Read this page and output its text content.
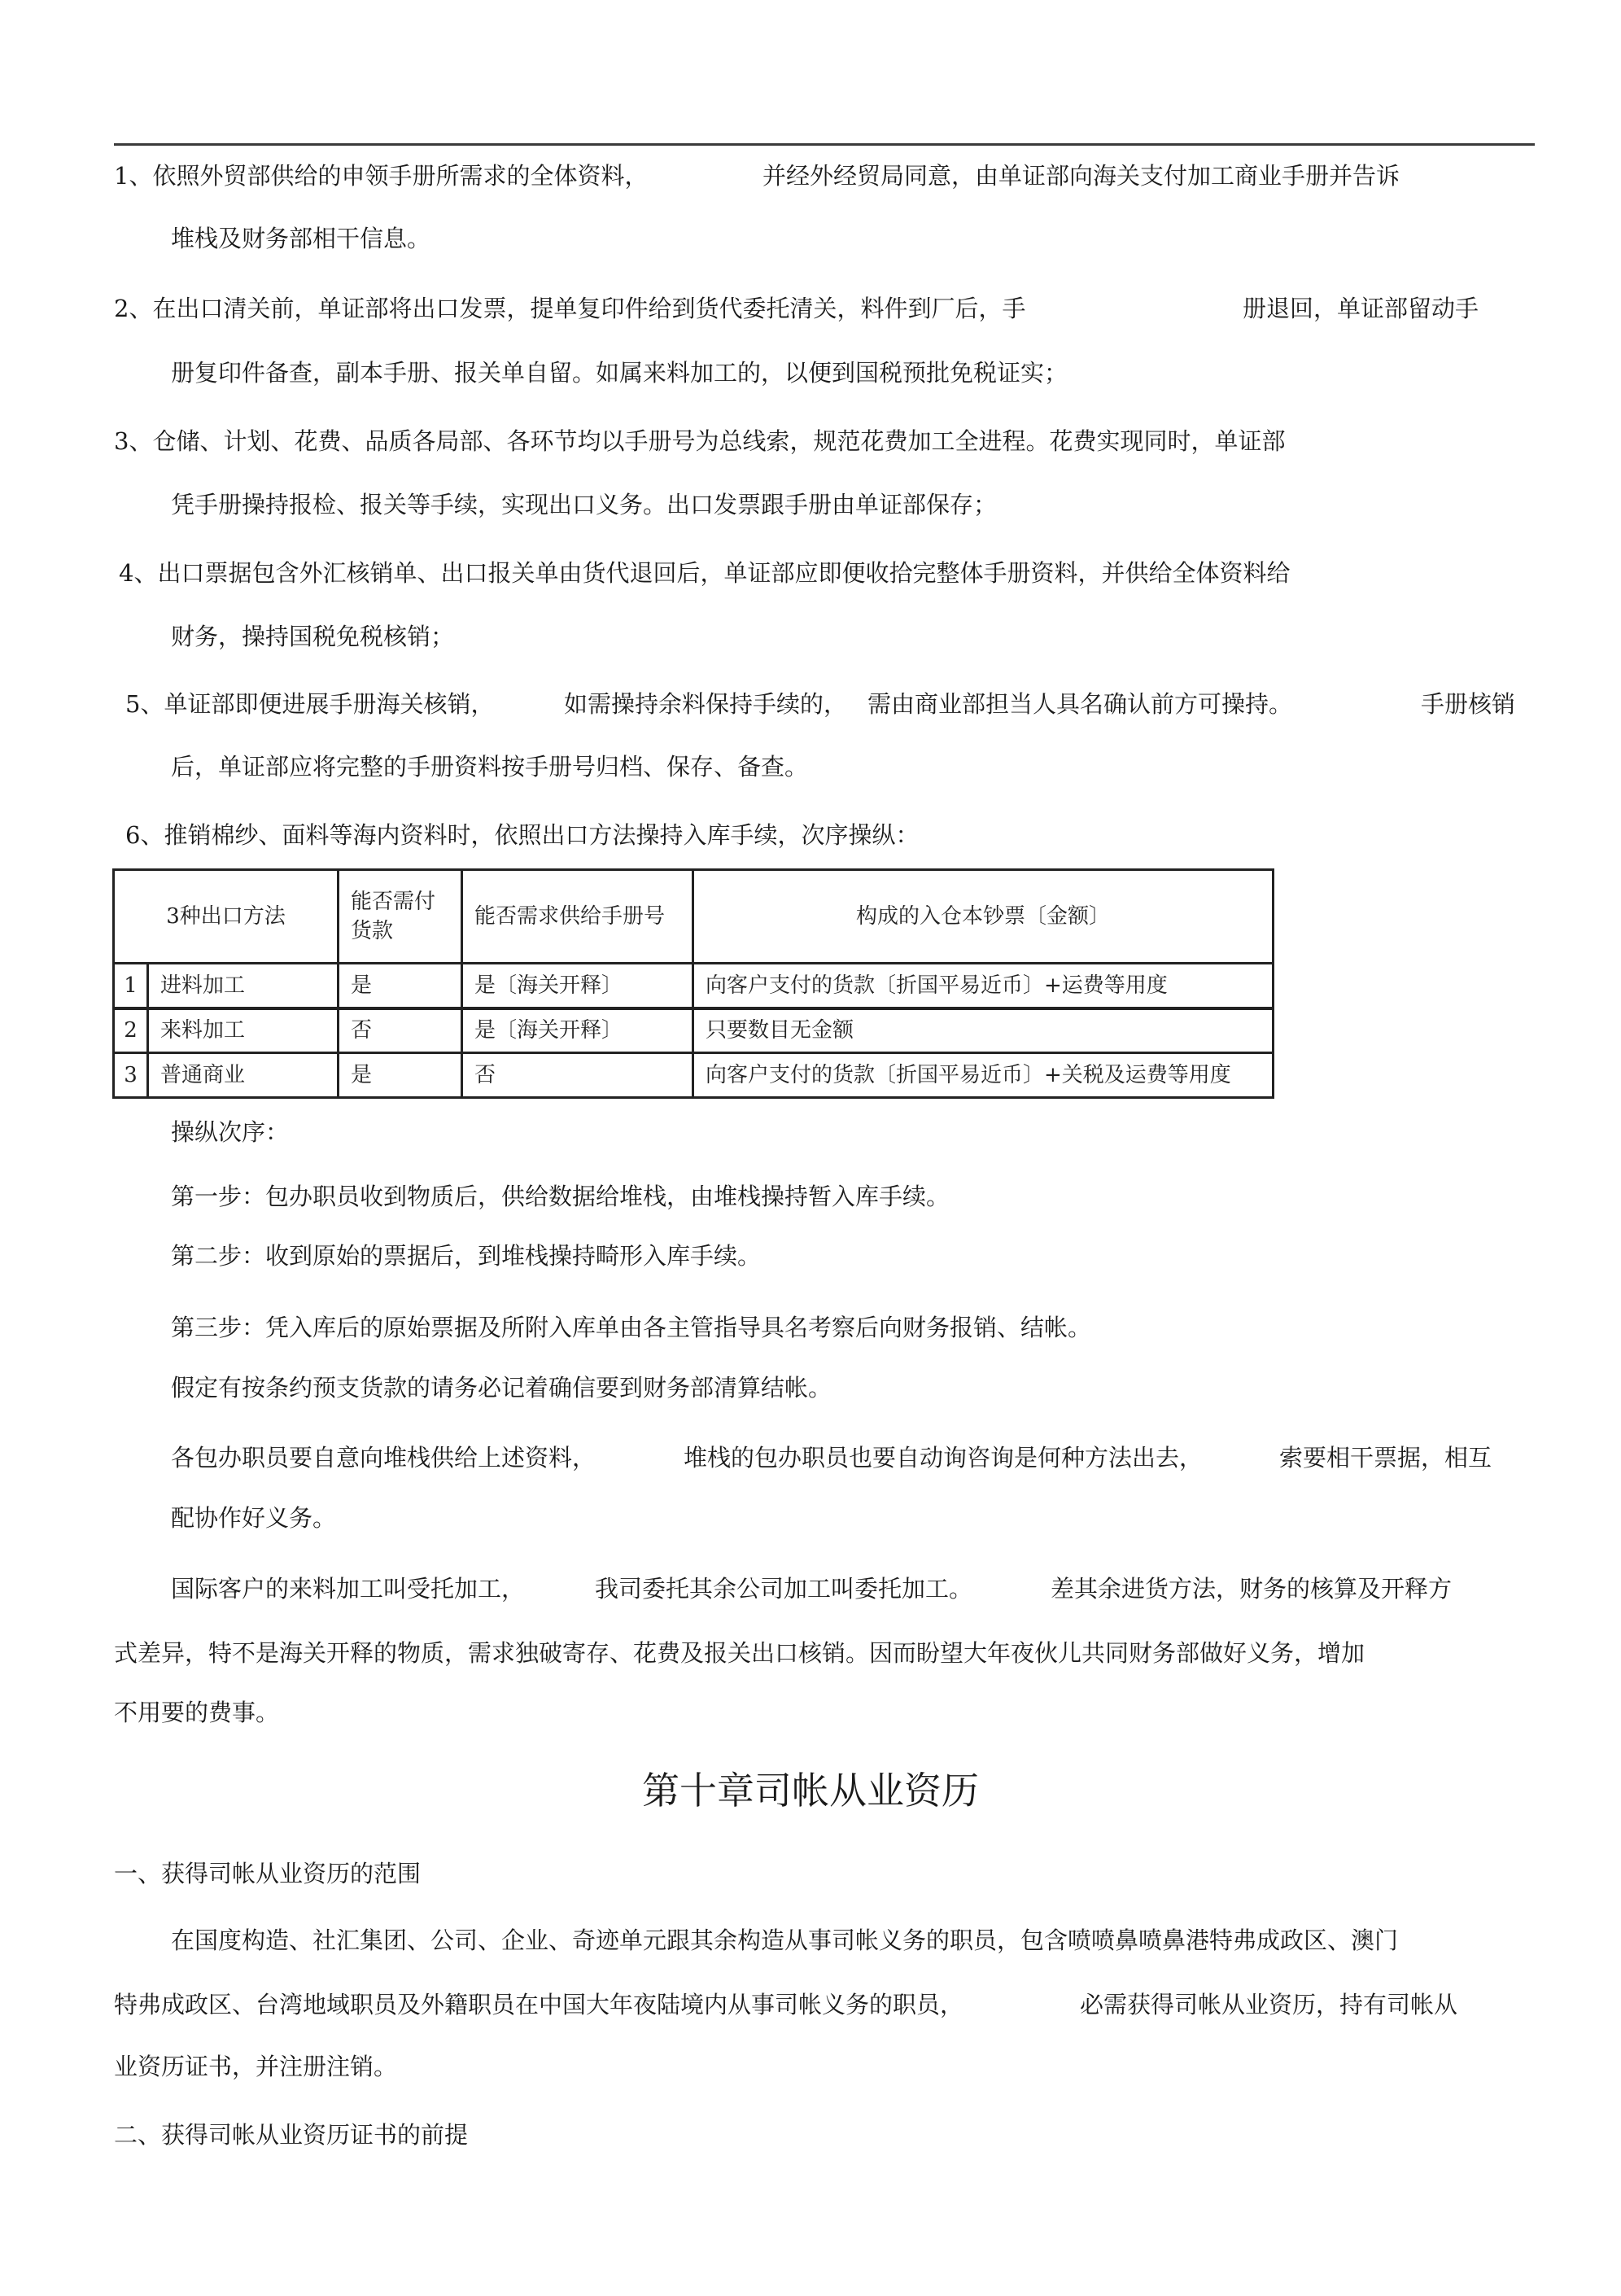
1、依照外贸部供给的申领手册所需求的全体资料，	并经外经贸局同意，由单证部向海关支付加工商业手册并告诉
堆栈及财务部相干信息。
2、在出口清关前，单证部将出口发票，提单复印件给到货代委托清关，料件到厂后，手	册退回，单证部留动手
册复印件备查，副本手册、报关单自留。如属来料加工的，以便到国税预批免税证实；
3、仓储、计划、花费、品质各局部、各环节均以手册号为总线索，规范花费加工全进程。花费实现同时，单证部
凭手册操持报检、报关等手续，实现出口义务。出口发票跟手册由单证部保存；
4、出口票据包含外汇核销单、出口报关单由货代退回后，单证部应即便收拾完整体手册资料，并供给全体资料给
财务，操持国税免税核销；
5、单证部即便进展手册海关核销，	如需操持余料保持手续的， 需由商业部担当人具名确认前方可操持。	手册核销
后，单证部应将完整的手册资料按手册号归档、保存、备查。
6、推销棉纱、面料等海内资料时，依照出口方法操持入库手续，次序操纵：
3种出口方法		能否需付货款	能否需求供给手册号	构成的入仓本钞票〔金额〕
1	进料加工	是	是〔海关开释〕	向客户支付的货款〔折国平易近币〕+运费等用度
2	来料加工	否	是〔海关开释〕	只要数目无金额
3	普通商业	是	否	向客户支付的货款〔折国平易近币〕+关税及运费等用度
操纵次序：
第一步：包办职员收到物质后，供给数据给堆栈，由堆栈操持暂入库手续。
第二步：收到原始的票据后，到堆栈操持畸形入库手续。
第三步：凭入库后的原始票据及所附入库单由各主管指导具名考察后向财务报销、结帐。
假定有按条约预支货款的请务必记着确信要到财务部清算结帐。
各包办职员要自意向堆栈供给上述资料，	堆栈的包办职员也要自动询咨询是何种方法出去，	索要相干票据，相互
配协作好义务。
国际客户的来料加工叫受托加工，	我司委托其余公司加工叫委托加工。	差其余进货方法，财务的核算及开释方
式差异，特不是海关开释的物质，需求独破寄存、花费及报关出口核销。因而盼望大年夜伙儿共同财务部做好义务，增加
不用要的费事。
第十章司帐从业资历
一、获得司帐从业资历的范围
在国度构造、社汇集团、公司、企业、奇迹单元跟其余构造从事司帐义务的职员，包含喷喷鼻喷鼻港特弗成政区、澳门
特弗成政区、台湾地域职员及外籍职员在中国大年夜陆境内从事司帐义务的职员，	必需获得司帐从业资历，持有司帐从
业资历证书，并注册注销。
二、获得司帐从业资历证书的前提
